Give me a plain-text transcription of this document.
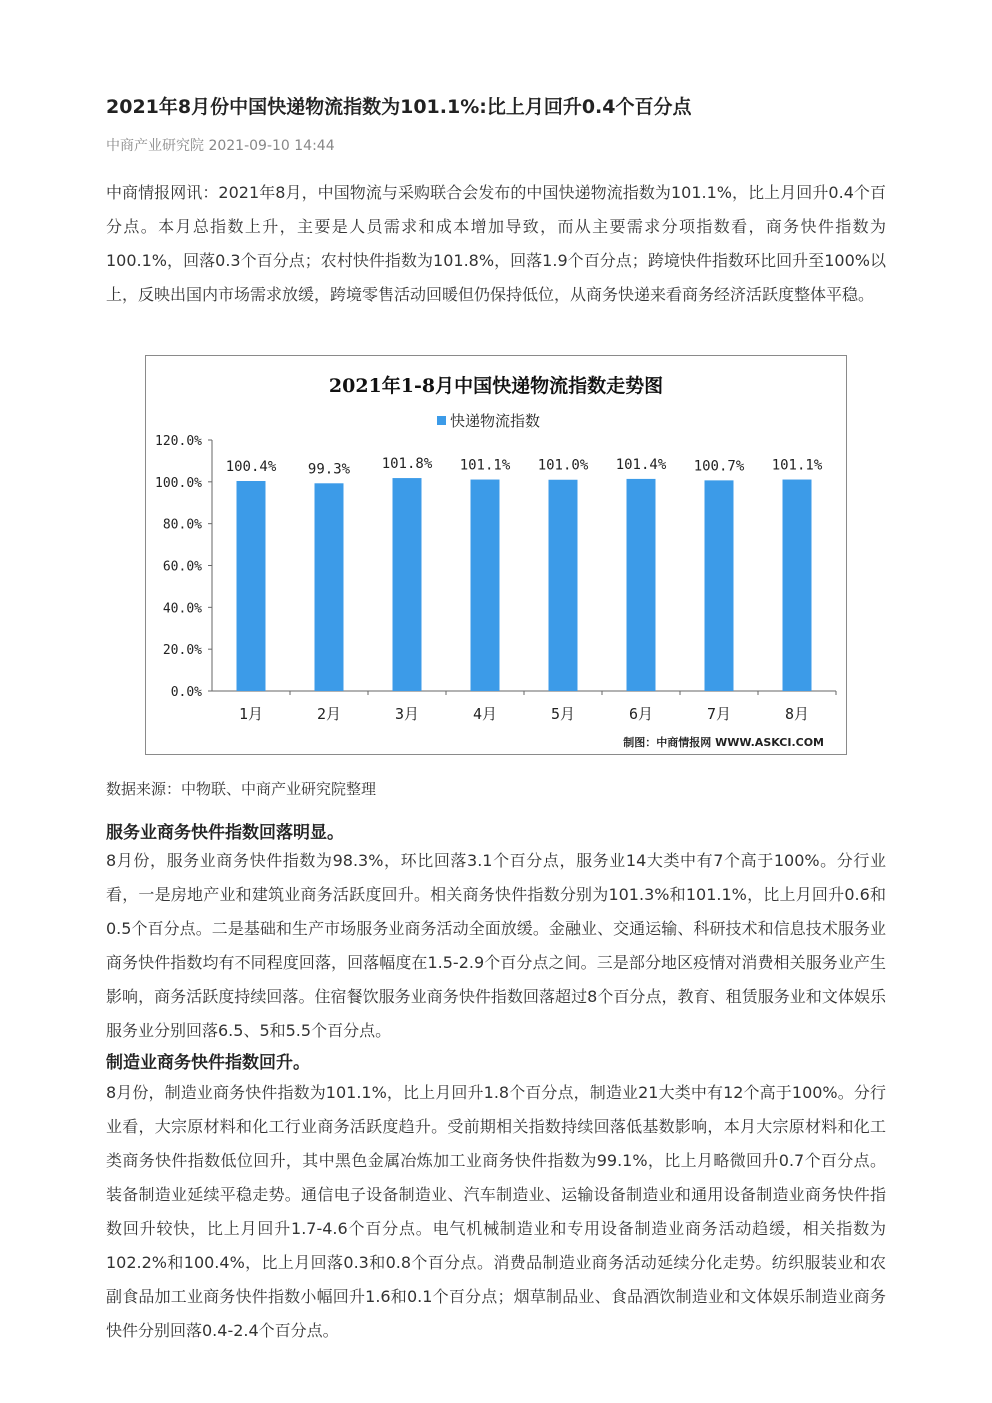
2021年8月份中国快递物流指数为101.1%:比上月回升0.4个百分点
中商产业研究院 2021-09-10 14:44
中商情报网讯：2021年8月，中国物流与采购联合会发布的中国快递物流指数为101.1%，比上月回升0.4个百分点。本月总指数上升，主要是人员需求和成本增加导致，而从主要需求分项指数看，商务快件指数为100.1%，回落0.3个百分点；农村快件指数为101.8%，回落1.9个百分点；跨境快件指数环比回升至100%以上，反映出国内市场需求放缓，跨境零售活动回暖但仍保持低位，从商务快递来看商务经济活跃度整体平稳。
2021年1-8月中国快递物流指数走势图
快递物流指数
0.0%
20.0%
40.0%
60.0%
80.0%
100.0%
120.0%
100.4%
1月
99.3%
2月
101.8%
3月
101.1%
4月
101.0%
5月
101.4%
6月
100.7%
7月
101.1%
8月
制图：中商情报网 WWW.ASKCI.COM
数据来源：中物联、中商产业研究院整理
服务业商务快件指数回落明显。
8月份，服务业商务快件指数为98.3%，环比回落3.1个百分点，服务业14大类中有7个高于100%。分行业看，一是房地产业和建筑业商务活跃度回升。相关商务快件指数分别为101.3%和101.1%，比上月回升0.6和0.5个百分点。二是基础和生产市场服务业商务活动全面放缓。金融业、交通运输、科研技术和信息技术服务业商务快件指数均有不同程度回落，回落幅度在1.5-2.9个百分点之间。三是部分地区疫情对消费相关服务业产生影响，商务活跃度持续回落。住宿餐饮服务业商务快件指数回落超过8个百分点，教育、租赁服务业和文体娱乐服务业分别回落6.5、5和5.5个百分点。
制造业商务快件指数回升。
8月份，制造业商务快件指数为101.1%，比上月回升1.8个百分点，制造业21大类中有12个高于100%。分行业看，大宗原材料和化工行业商务活跃度趋升。受前期相关指数持续回落低基数影响，本月大宗原材料和化工类商务快件指数低位回升，其中黑色金属冶炼加工业商务快件指数为99.1%，比上月略微回升0.7个百分点。装备制造业延续平稳走势。通信电子设备制造业、汽车制造业、运输设备制造业和通用设备制造业商务快件指数回升较快，比上月回升1.7-4.6个百分点。电气机械制造业和专用设备制造业商务活动趋缓，相关指数为102.2%和100.4%，比上月回落0.3和0.8个百分点。消费品制造业商务活动延续分化走势。纺织服装业和农副食品加工业商务快件指数小幅回升1.6和0.1个百分点；烟草制品业、食品酒饮制造业和文体娱乐制造业商务快件分别回落0.4-2.4个百分点。
